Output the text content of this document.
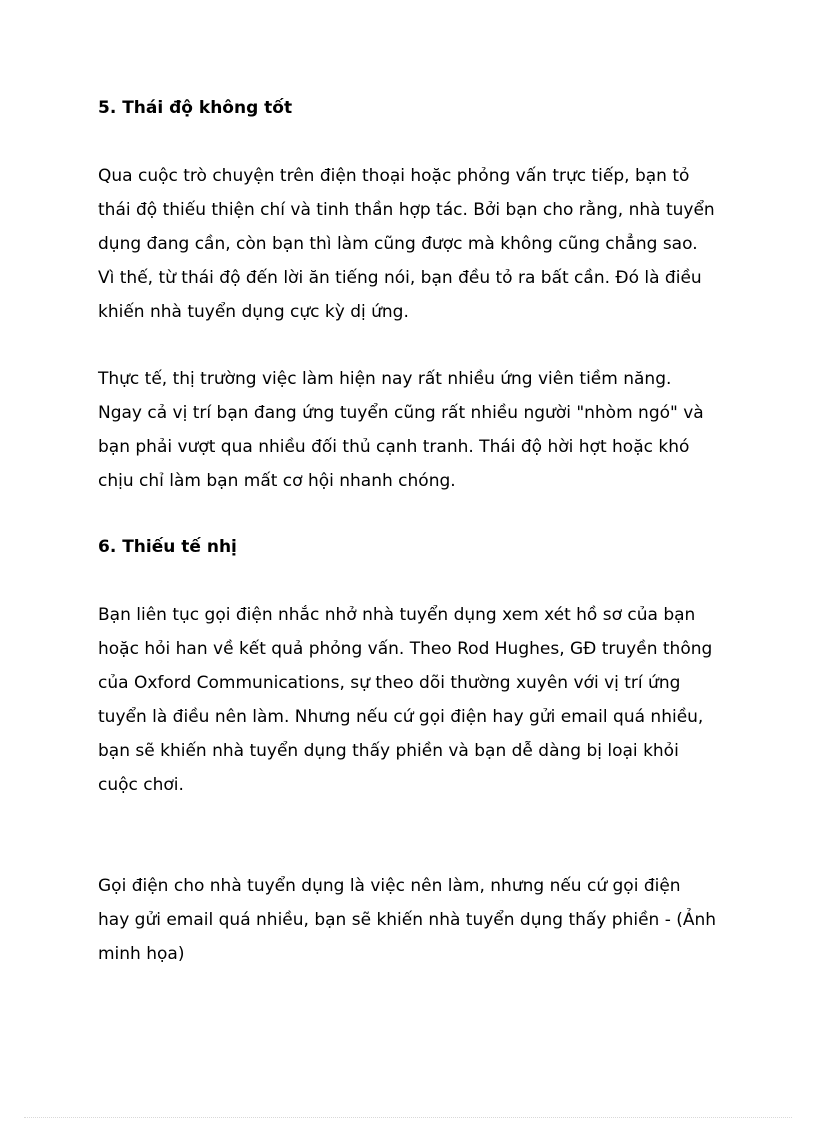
5. Thái độ không tốt

Qua cuộc trò chuyện trên điện thoại hoặc phỏng vấn trực tiếp, bạn tỏ
thái độ thiếu thiện chí và tinh thần hợp tác. Bởi bạn cho rằng, nhà tuyển
dụng đang cần, còn bạn thì làm cũng được mà không cũng chẳng sao.
Vì thế, từ thái độ đến lời ăn tiếng nói, bạn đều tỏ ra bất cần. Đó là điều
khiến nhà tuyển dụng cực kỳ dị ứng.

Thực tế, thị trường việc làm hiện nay rất nhiều ứng viên tiềm năng.
Ngay cả vị trí bạn đang ứng tuyển cũng rất nhiều người "nhòm ngó" và
bạn phải vượt qua nhiều đối thủ cạnh tranh. Thái độ hời hợt hoặc khó
chịu chỉ làm bạn mất cơ hội nhanh chóng.

6. Thiếu tế nhị

Bạn liên tục gọi điện nhắc nhở nhà tuyển dụng xem xét hồ sơ của bạn
hoặc hỏi han về kết quả phỏng vấn. Theo Rod Hughes, GĐ truyền thông
của Oxford Communications, sự theo dõi thường xuyên với vị trí ứng
tuyển là điều nên làm. Nhưng nếu cứ gọi điện hay gửi email quá nhiều,
bạn sẽ khiến nhà tuyển dụng thấy phiền và bạn dễ dàng bị loại khỏi
cuộc chơi.

Gọi điện cho nhà tuyển dụng là việc nên làm, nhưng nếu cứ gọi điện
hay gửi email quá nhiều, bạn sẽ khiến nhà tuyển dụng thấy phiền - (Ảnh
minh họa)
